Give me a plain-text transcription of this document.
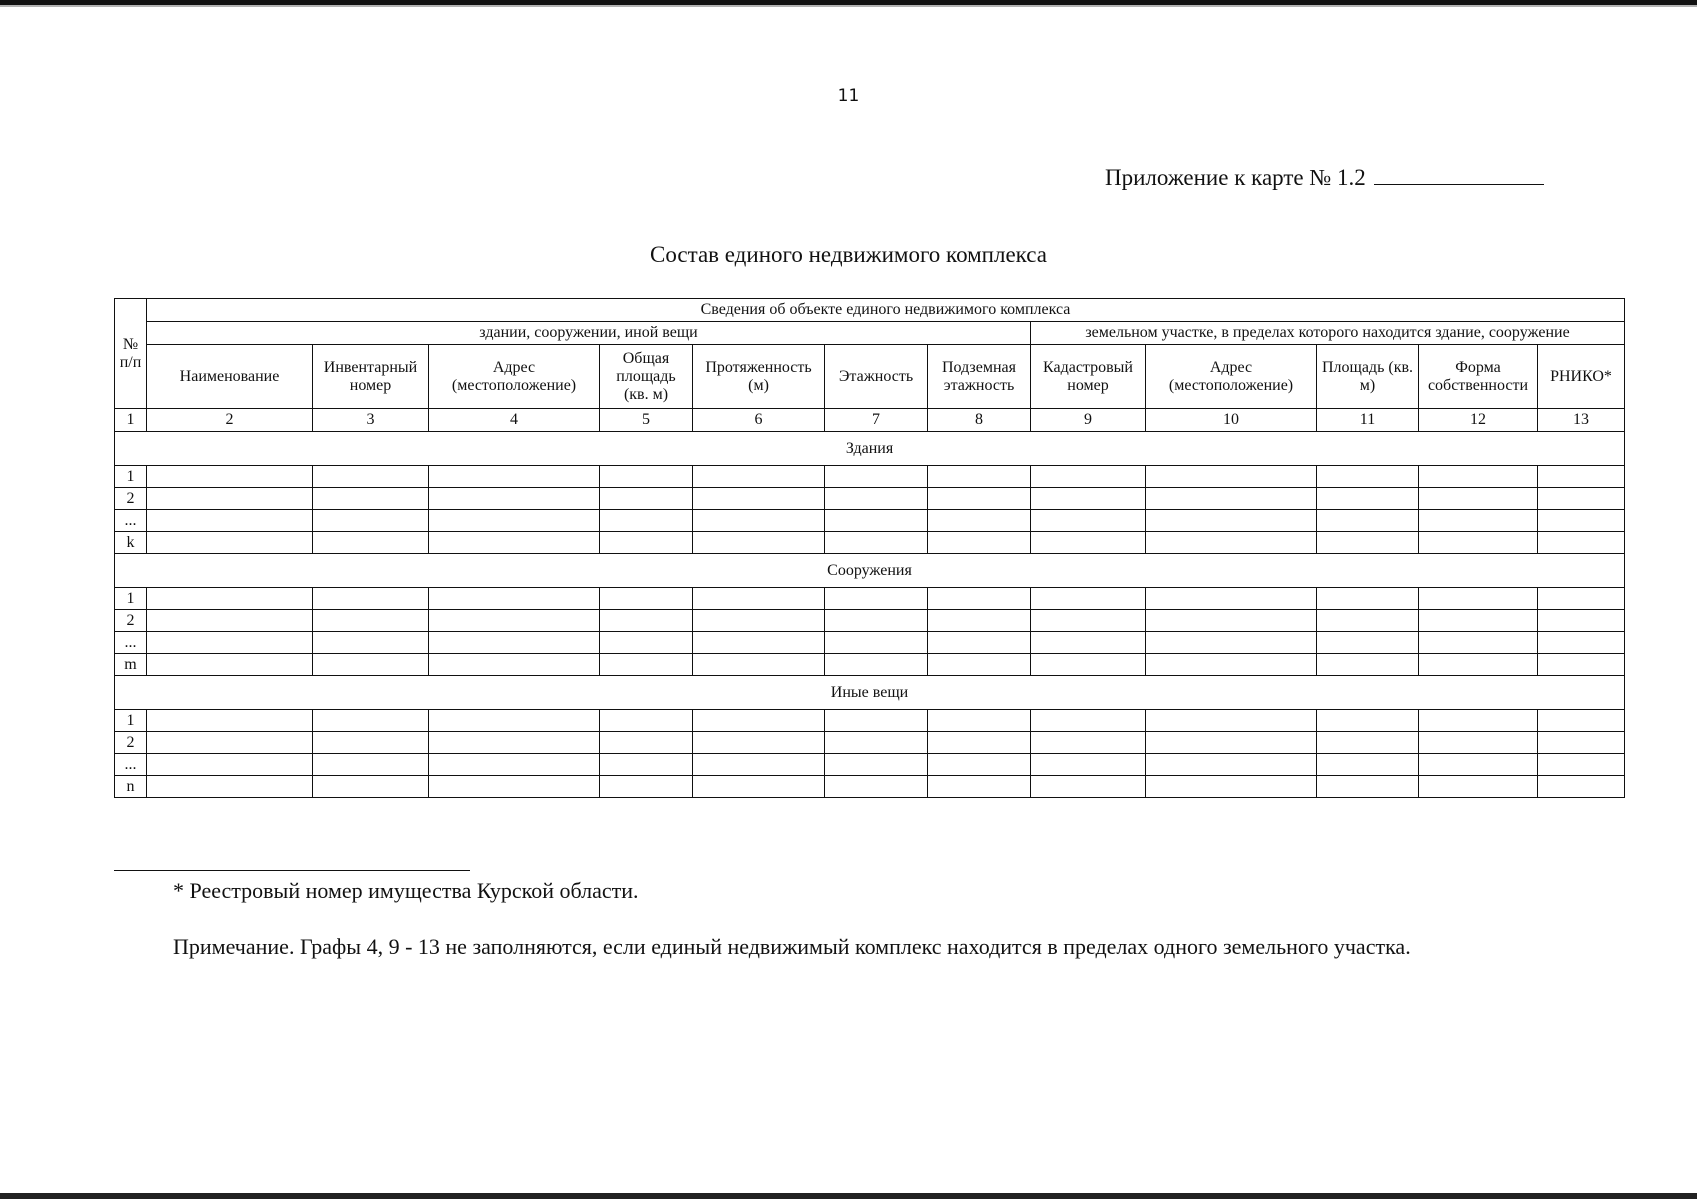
11
Приложение к карте № 1.2
Состав единого недвижимого комплекса
№ п/п	Сведения об объекте единого недвижимого комплекса											
	здании, сооружении, иной вещи							земельном участке, в пределах которого находится здание, сооружение				
	Наименование	Инвентарный номер	Адрес (местоположение)	Общая площадь (кв. м)	Протяженность (м)	Этажность	Подземная этажность	Кадастровый номер	Адрес (местоположение)	Площадь (кв. м)	Форма собственности	РНИКО*
1	2	3	4	5	6	7	8	9	10	11	12	13
Здания												
1												
2												
...												
k												
Сооружения												
1												
2												
...												
m												
Иные вещи												
1												
2												
...												
n												
* Реестровый номер имущества Курской области.
Примечание. Графы 4, 9 - 13 не заполняются, если единый недвижимый комплекс находится в пределах одного земельного участка.
